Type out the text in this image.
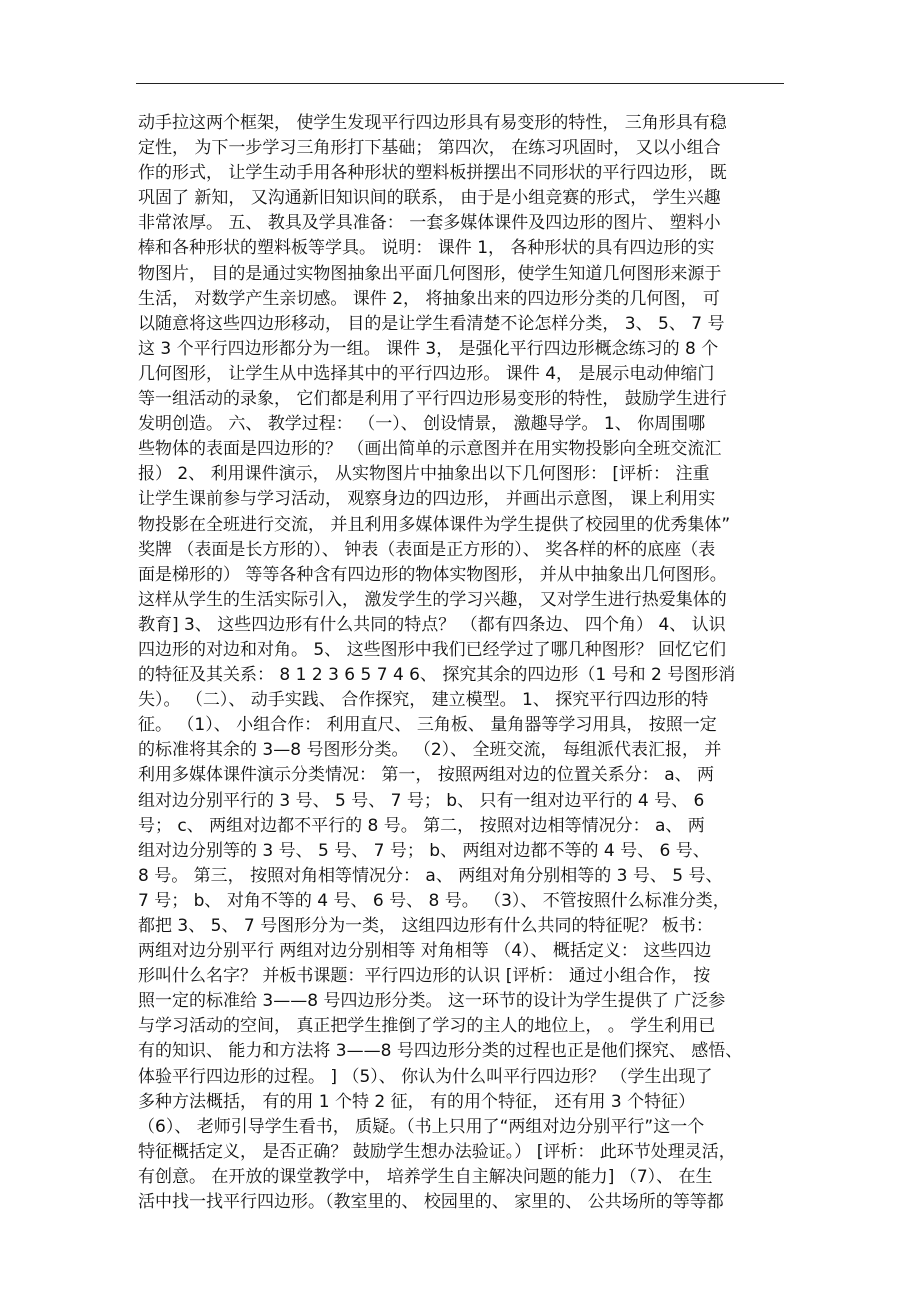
动手拉这两个框架， 使学生发现平行四边形具有易变形的特性， 三角形具有稳
定性， 为下一步学习三角形打下基础； 第四次， 在练习巩固时， 又以小组合
作的形式， 让学生动手用各种形状的塑料板拼摆出不同形状的平行四边形， 既
巩固了 新知， 又沟通新旧知识间的联系， 由于是小组竞赛的形式， 学生兴趣
非常浓厚。 五、 教具及学具准备： 一套多媒体课件及四边形的图片、 塑料小
棒和各种形状的塑料板等学具。 说明： 课件 1， 各种形状的具有四边形的实
物图片， 目的是通过实物图抽象出平面几何图形，使学生知道几何图形来源于
生活， 对数学产生亲切感。 课件 2， 将抽象出来的四边形分类的几何图， 可
以随意将这些四边形移动， 目的是让学生看清楚不论怎样分类， 3、 5、 7 号
这 3 个平行四边形都分为一组。 课件 3， 是强化平行四边形概念练习的 8 个
几何图形， 让学生从中选择其中的平行四边形。 课件 4， 是展示电动伸缩门
等一组活动的录象， 它们都是利用了平行四边形易变形的特性， 鼓励学生进行
发明创造。 六、 教学过程： （一）、 创设情景， 激趣导学。 1、 你周围哪
些物体的表面是四边形的？ （画出简单的示意图并在用实物投影向全班交流汇
报） 2、 利用课件演示， 从实物图片中抽象出以下几何图形： [评析： 注重
让学生课前参与学习活动， 观察身边的四边形， 并画出示意图， 课上利用实
物投影在全班进行交流， 并且利用多媒体课件为学生提供了校园里的优秀集体”
奖牌 （表面是长方形的）、 钟表（表面是正方形的）、 奖各样的杯的底座（表
面是梯形的） 等等各种含有四边形的物体实物图形， 并从中抽象出几何图形。
这样从学生的生活实际引入， 激发学生的学习兴趣， 又对学生进行热爱集体的
教育] 3、 这些四边形有什么共同的特点？ （都有四条边、 四个角） 4、 认识
四边形的对边和对角。 5、 这些图形中我们已经学过了哪几种图形？ 回忆它们
的特征及其关系： 8 1 2 3 6 5 7 4 6、 探究其余的四边形（1 号和 2 号图形消
失）。 （二）、 动手实践、 合作探究， 建立模型。 1、 探究平行四边形的特
征。 （1）、 小组合作： 利用直尺、 三角板、 量角器等学习用具， 按照一定
的标准将其余的 3—8 号图形分类。 （2）、 全班交流， 每组派代表汇报， 并
利用多媒体课件演示分类情况： 第一， 按照两组对边的位置关系分： a、 两
组对边分别平行的 3 号、 5 号、 7 号； b、 只有一组对边平行的 4 号、 6
号； c、 两组对边都不平行的 8 号。 第二， 按照对边相等情况分： a、 两
组对边分别等的 3 号、 5 号、 7 号； b、 两组对边都不等的 4 号、 6 号、
8 号。 第三， 按照对角相等情况分： a、 两组对角分别相等的 3 号、 5 号、
7 号； b、 对角不等的 4 号、 6 号、 8 号。 （3）、 不管按照什么标准分类，
都把 3、 5、 7 号图形分为一类， 这组四边形有什么共同的特征呢？ 板书：
两组对边分别平行 两组对边分别相等 对角相等 （4）、 概括定义： 这些四边
形叫什么名字？ 并板书课题：平行四边形的认识 [评析： 通过小组合作， 按
照一定的标准给 3——8 号四边形分类。 这一环节的设计为学生提供了 广泛参
与学习活动的空间， 真正把学生推倒了学习的主人的地位上， 。 学生利用已
有的知识、 能力和方法将 3——8 号四边形分类的过程也正是他们探究、 感悟、
体验平行四边形的过程。 ] （5）、 你认为什么叫平行四边形？ （学生出现了
多种方法概括， 有的用 1 个特 2 征， 有的用个特征， 还有用 3 个特征）
（6）、 老师引导学生看书， 质疑。（书上只用了“两组对边分别平行”这一个
特征概括定义， 是否正确？ 鼓励学生想办法验证。） [评析： 此环节处理灵活，
有创意。 在开放的课堂教学中， 培养学生自主解决问题的能力] （7）、 在生
活中找一找平行四边形。（教室里的、 校园里的、 家里的、 公共场所的等等都
